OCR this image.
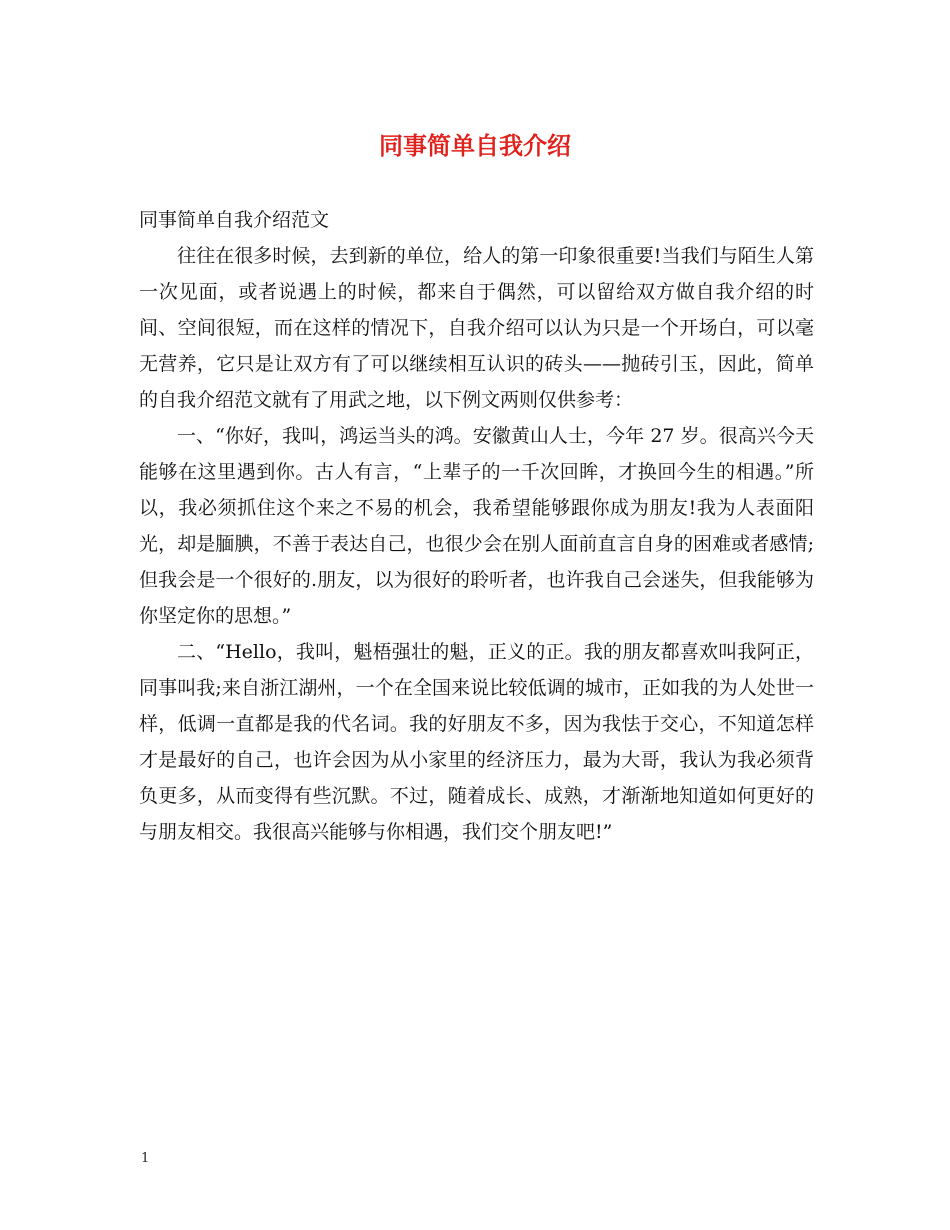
同事简单自我介绍

同事简单自我介绍范文

往往在很多时候，去到新的单位，给人的第一印象很重要!当我们与陌生人第一次见面，或者说遇上的时候，都来自于偶然，可以留给双方做自我介绍的时间、空间很短，而在这样的情况下，自我介绍可以认为只是一个开场白，可以毫无营养，它只是让双方有了可以继续相互认识的砖头——抛砖引玉，因此，简单的自我介绍范文就有了用武之地，以下例文两则仅供参考：

一、“你好，我叫，鸿运当头的鸿。安徽黄山人士，今年 27 岁。很高兴今天能够在这里遇到你。古人有言，“上辈子的一千次回眸，才换回今生的相遇。”所以，我必须抓住这个来之不易的机会，我希望能够跟你成为朋友!我为人表面阳光，却是腼腆，不善于表达自己，也很少会在别人面前直言自身的困难或者感情;但我会是一个很好的.朋友，以为很好的聆听者，也许我自己会迷失，但我能够为你坚定你的思想。”

二、“Hello，我叫，魁梧强壮的魁，正义的正。我的朋友都喜欢叫我阿正，同事叫我;来自浙江湖州，一个在全国来说比较低调的城市，正如我的为人处世一样，低调一直都是我的代名词。我的好朋友不多，因为我怯于交心，不知道怎样才是最好的自己，也许会因为从小家里的经济压力，最为大哥，我认为我必须背负更多，从而变得有些沉默。不过，随着成长、成熟，才渐渐地知道如何更好的与朋友相交。我很高兴能够与你相遇，我们交个朋友吧!”

1
